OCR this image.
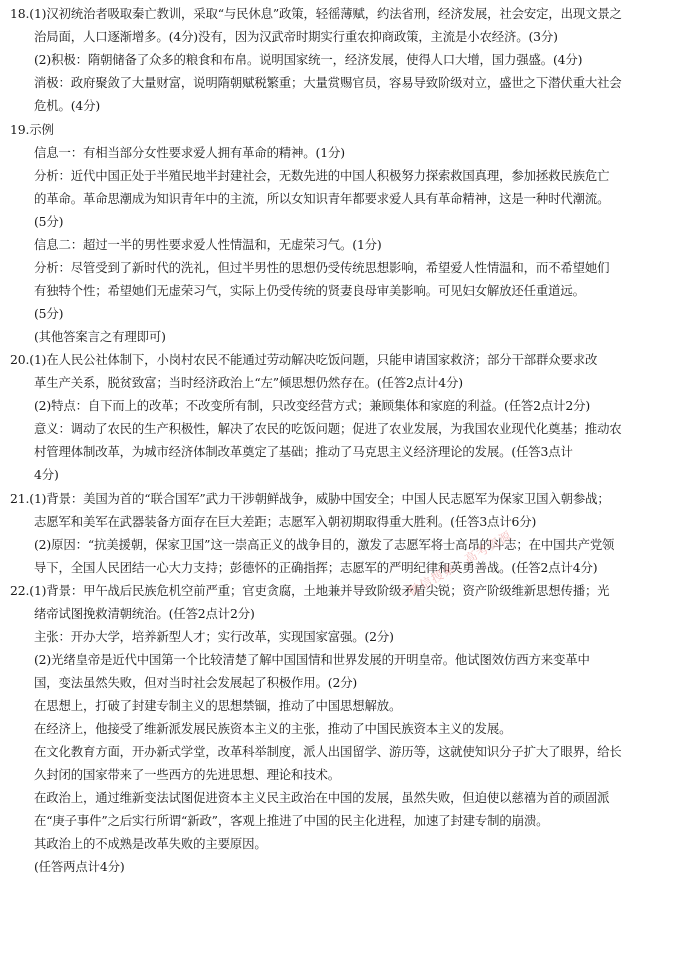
18.(1)汉初统治者吸取秦亡教训，采取“与民休息”政策，轻徭薄赋，约法省刑，经济发展，社会安定，出现文景之
治局面，人口逐渐增多。(4分)没有，因为汉武帝时期实行重农抑商政策，主流是小农经济。(3分)
(2)积极：隋朝储备了众多的粮食和布帛。说明国家统一，经济发展，使得人口大增，国力强盛。(4分)
消极：政府聚敛了大量财富，说明隋朝赋税繁重；大量赏赐官员，容易导致阶级对立，盛世之下潜伏重大社会
危机。(4分)
19.示例
信息一：有相当部分女性要求爱人拥有革命的精神。(1分)
分析：近代中国正处于半殖民地半封建社会，无数先进的中国人积极努力探索救国真理，参加拯救民族危亡
的革命。革命思潮成为知识青年中的主流，所以女知识青年都要求爱人具有革命精神，这是一种时代潮流。
(5分)
信息二：超过一半的男性要求爱人性情温和，无虚荣习气。(1分)
分析：尽管受到了新时代的洗礼，但过半男性的思想仍受传统思想影响，希望爱人性情温和，而不希望她们
有独特个性；希望她们无虚荣习气，实际上仍受传统的贤妻良母审美影响。可见妇女解放还任重道远。
(5分)
(其他答案言之有理即可)
20.(1)在人民公社体制下，小岗村农民不能通过劳动解决吃饭问题，只能申请国家救济；部分干部群众要求改
革生产关系，脱贫致富；当时经济政治上“左”倾思想仍然存在。(任答2点计4分)
(2)特点：自下而上的改革；不改变所有制，只改变经营方式；兼顾集体和家庭的利益。(任答2点计2分)
意义：调动了农民的生产积极性，解决了农民的吃饭问题；促进了农业发展，为我国农业现代化奠基；推动农
村管理体制改革，为城市经济体制改革奠定了基础；推动了马克思主义经济理论的发展。(任答3点计
4分)
21.(1)背景：美国为首的“联合国军”武力干涉朝鲜战争，威胁中国安全；中国人民志愿军为保家卫国入朝参战；
志愿军和美军在武器装备方面存在巨大差距；志愿军入朝初期取得重大胜利。(任答3点计6分)
(2)原因：“抗美援朝，保家卫国”这一崇高正义的战争目的，激发了志愿军将士高昂的斗志；在中国共产党领
导下，全国人民团结一心大力支持；彭德怀的正确指挥；志愿军的严明纪律和英勇善战。(任答2点计4分)
22.(1)背景：甲午战后民族危机空前严重；官吏贪腐，土地兼并导致阶级矛盾尖锐；资产阶级维新思想传播；光
绪帝试图挽救清朝统治。(任答2点计2分)
主张：开办大学，培养新型人才；实行改革，实现国家富强。(2分)
(2)光绪皇帝是近代中国第一个比较清楚了解中国国情和世界发展的开明皇帝。他试图效仿西方来变革中
国，变法虽然失败，但对当时社会发展起了积极作用。(2分)
在思想上，打破了封建专制主义的思想禁锢，推动了中国思想解放。
在经济上，他接受了维新派发展民族资本主义的主张，推动了中国民族资本主义的发展。
在文化教育方面，开办新式学堂，改革科举制度，派人出国留学、游历等，这就使知识分子扩大了眼界，给长
久封闭的国家带来了一些西方的先进思想、理论和技术。
在政治上，通过维新变法试图促进资本主义民主政治在中国的发展，虽然失败，但迫使以慈禧为首的顽固派
在“庚子事件”之后实行所谓“新政”，客观上推进了中国的民主化进程，加速了封建专制的崩溃。
其政治上的不成熟是改革失败的主要原因。
(任答两点计4分)
微信搜索：高考资源
